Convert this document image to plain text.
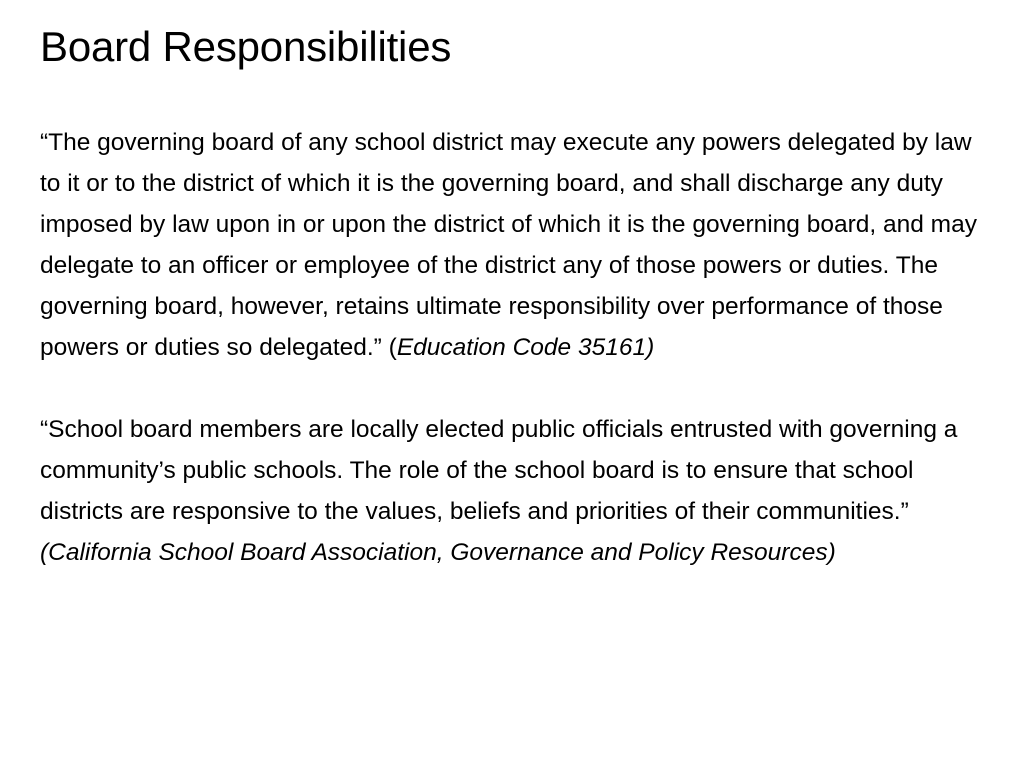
Board Responsibilities

“The governing board of any school district may execute any powers delegated by law to it or to the district of which it is the governing board, and shall discharge any duty imposed by law upon in or upon the district of which it is the governing board, and may delegate to an officer or employee of the district any of those powers or duties. The governing board, however, retains ultimate responsibility over performance of those powers or duties so delegated.” (Education Code 35161)

“School board members are locally elected public officials entrusted with governing a community’s public schools. The role of the school board is to ensure that school districts are responsive to the values, beliefs and priorities of their communities.” (California School Board Association, Governance and Policy Resources)
